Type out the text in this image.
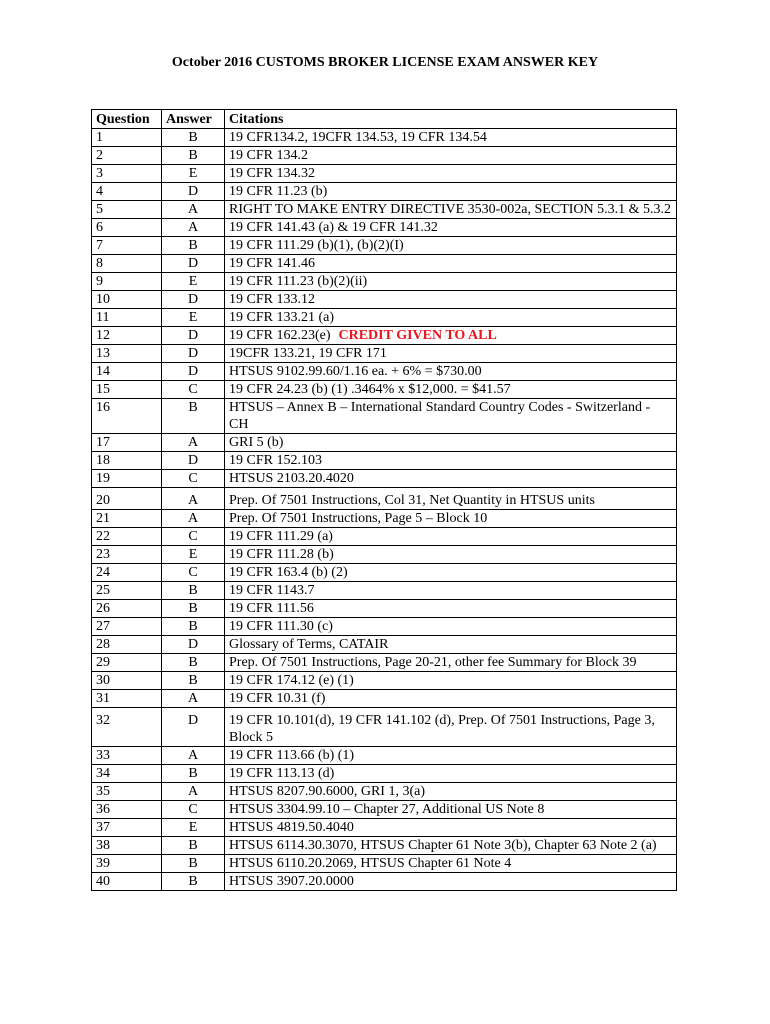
October 2016 CUSTOMS BROKER LICENSE EXAM ANSWER KEY
Question	Answer	Citations
1	B	19 CFR134.2, 19CFR 134.53, 19 CFR 134.54
2	B	19 CFR 134.2
3	E	19 CFR 134.32
4	D	19 CFR 11.23 (b)
5	A	RIGHT TO MAKE ENTRY DIRECTIVE 3530-002a, SECTION 5.3.1 & 5.3.2
6	A	19 CFR 141.43 (a) & 19 CFR 141.32
7	B	19 CFR 111.29 (b)(1), (b)(2)(I)
8	D	19 CFR 141.46
9	E	19 CFR 111.23 (b)(2)(ii)
10	D	19 CFR 133.12
11	E	19 CFR 133.21 (a)
12	D	19 CFR 162.23(e) CREDIT GIVEN TO ALL
13	D	19CFR 133.21, 19 CFR 171
14	D	HTSUS 9102.99.60/1.16 ea. + 6% = $730.00
15	C	19 CFR 24.23 (b) (1) .3464% x $12,000. = $41.57
16	B	HTSUS – Annex B – International Standard Country Codes - Switzerland - CH
17	A	GRI 5 (b)
18	D	19 CFR 152.103
19	C	HTSUS 2103.20.4020
20	A	Prep. Of 7501 Instructions, Col 31, Net Quantity in HTSUS units
21	A	Prep. Of 7501 Instructions, Page 5 – Block 10
22	C	19 CFR 111.29 (a)
23	E	19 CFR 111.28 (b)
24	C	19 CFR 163.4 (b) (2)
25	B	19 CFR 1143.7
26	B	19 CFR 111.56
27	B	19 CFR 111.30 (c)
28	D	Glossary of Terms, CATAIR
29	B	Prep. Of 7501 Instructions, Page 20-21, other fee Summary for Block 39
30	B	19 CFR 174.12 (e) (1)
31	A	19 CFR 10.31 (f)
32	D	19 CFR 10.101(d), 19 CFR 141.102 (d), Prep. Of 7501 Instructions, Page 3, Block 5
33	A	19 CFR 113.66 (b) (1)
34	B	19 CFR 113.13 (d)
35	A	HTSUS 8207.90.6000, GRI 1, 3(a)
36	C	HTSUS 3304.99.10 – Chapter 27, Additional US Note 8
37	E	HTSUS 4819.50.4040
38	B	HTSUS 6114.30.3070, HTSUS Chapter 61 Note 3(b), Chapter 63 Note 2 (a)
39	B	HTSUS 6110.20.2069, HTSUS Chapter 61 Note 4
40	B	HTSUS 3907.20.0000
